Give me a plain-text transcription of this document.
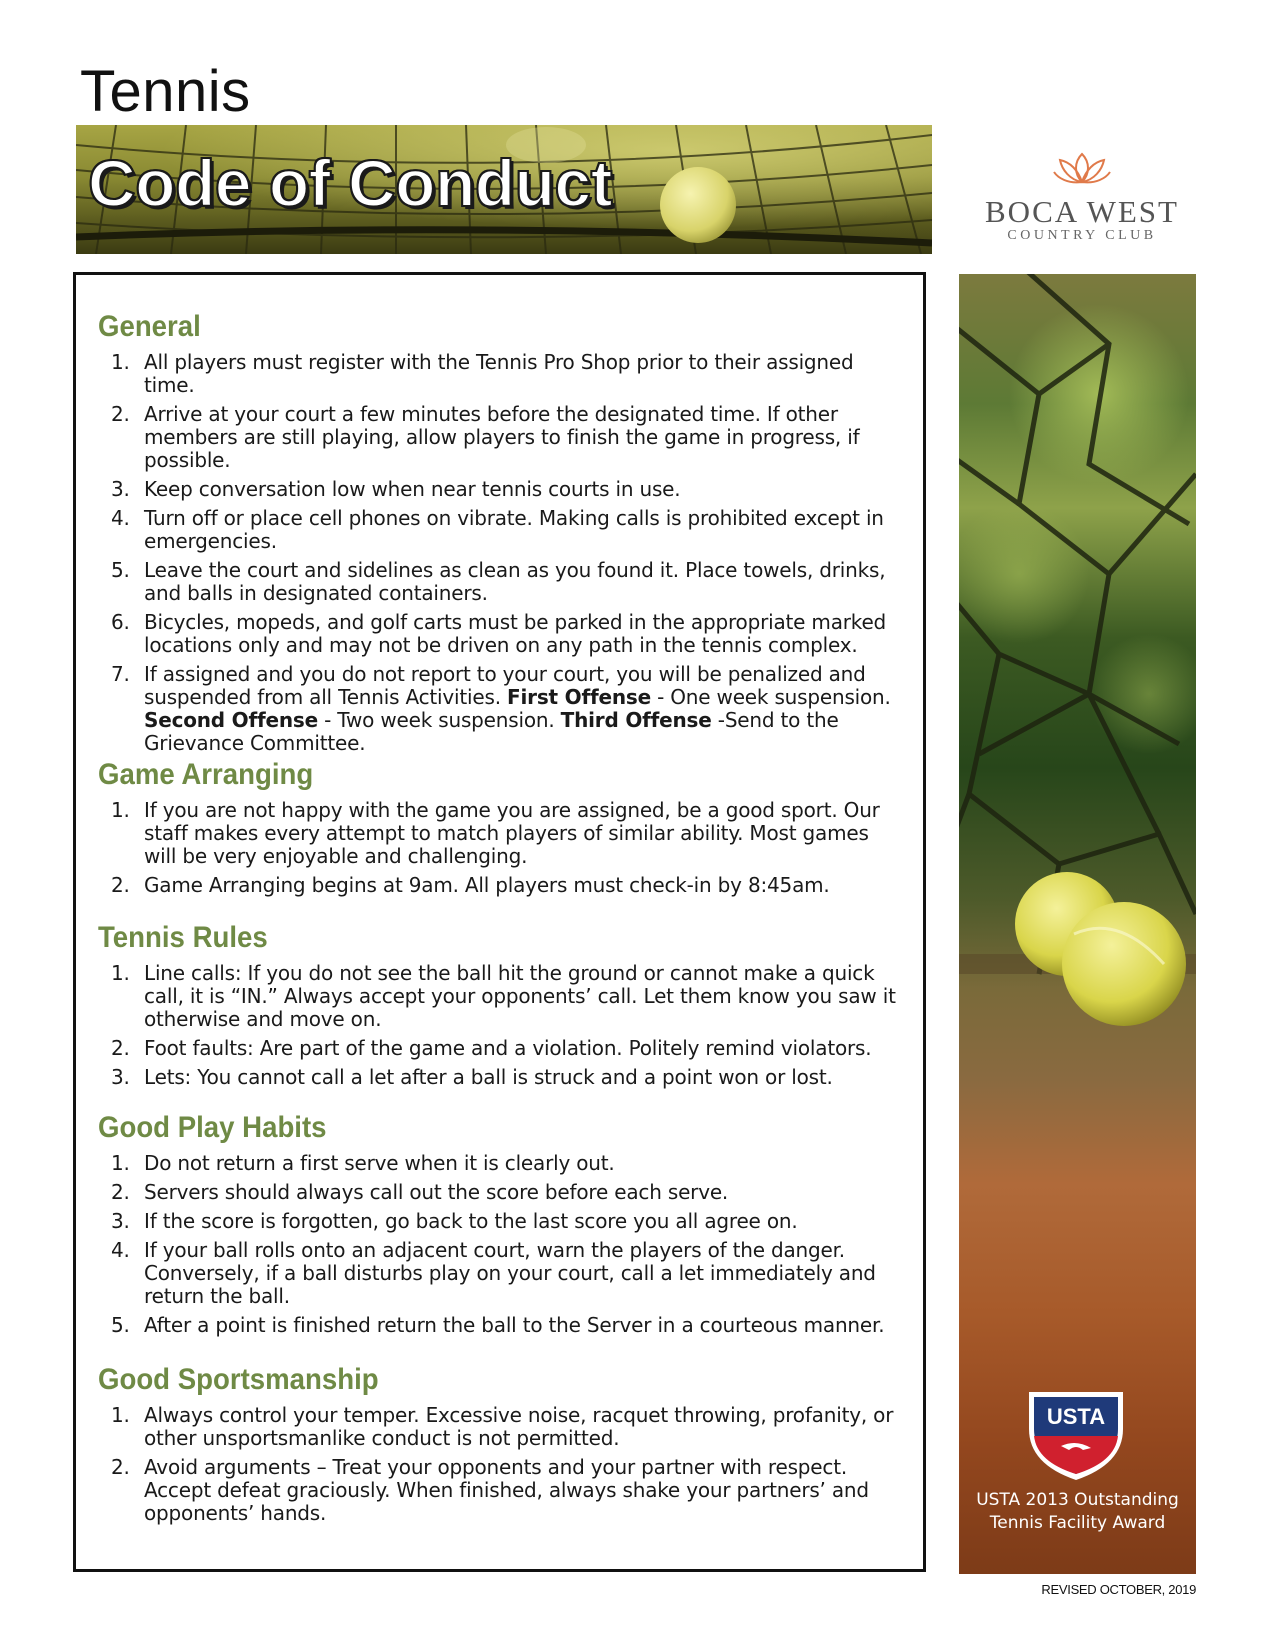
Tennis
Code of Conduct	BOCA WEST
COUNTRY CLUB
General
1. All players must register with the Tennis Pro Shop prior to their assigned time.
2. Arrive at your court a few minutes before the designated time. If other members are still playing, allow players to finish the game in progress, if possible.
3. Keep conversation low when near tennis courts in use.
4. Turn off or place cell phones on vibrate. Making calls is prohibited except in emergencies.
5. Leave the court and sidelines as clean as you found it. Place towels, drinks, and balls in designated containers.
6. Bicycles, mopeds, and golf carts must be parked in the appropriate marked locations only and may not be driven on any path in the tennis complex.
7. If assigned and you do not report to your court, you will be penalized and suspended from all Tennis Activities. First Offense - One week suspension. Second Offense - Two week suspension. Third Offense -Send to the Grievance Committee.
Game Arranging
1. If you are not happy with the game you are assigned, be a good sport. Our staff makes every attempt to match players of similar ability. Most games will be very enjoyable and challenging.
2. Game Arranging begins at 9am. All players must check-in by 8:45am.
Tennis Rules
1. Line calls: If you do not see the ball hit the ground or cannot make a quick call, it is “IN.” Always accept your opponents’ call. Let them know you saw it otherwise and move on.
2. Foot faults: Are part of the game and a violation. Politely remind violators.
3. Lets: You cannot call a let after a ball is struck and a point won or lost.
Good Play Habits
1. Do not return a first serve when it is clearly out.
2. Servers should always call out the score before each serve.
3. If the score is forgotten, go back to the last score you all agree on.
4. If your ball rolls onto an adjacent court, warn the players of the danger. Conversely, if a ball disturbs play on your court, call a let immediately and return the ball.
5. After a point is finished return the ball to the Server in a courteous manner.
Good Sportsmanship
1. Always control your temper. Excessive noise, racquet throwing, profanity, or other unsportsmanlike conduct is not permitted.
2. Avoid arguments – Treat your opponents and your partner with respect. Accept defeat graciously. When finished, always shake your partners’ and opponents’ hands.
USTA
USTA 2013 Outstanding
Tennis Facility Award
REVISED OCTOBER, 2019
